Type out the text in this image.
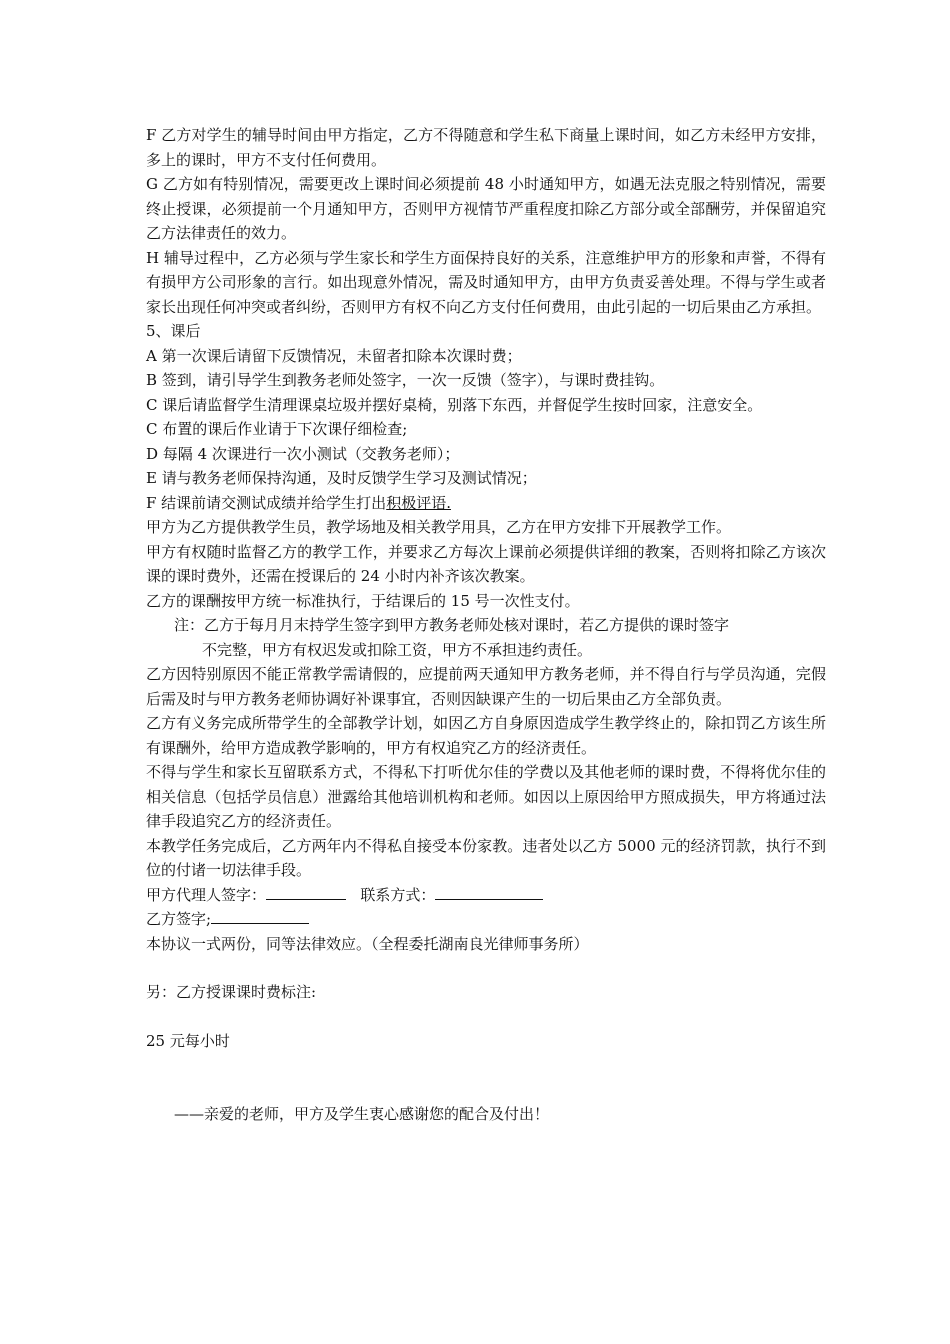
F 乙方对学生的辅导时间由甲方指定，乙方不得随意和学生私下商量上课时间，如乙方未经甲方安排，多上的课时，甲方不支付任何费用。

G 乙方如有特别情况，需要更改上课时间必须提前 48 小时通知甲方，如遇无法克服之特别情况，需要终止授课，必须提前一个月通知甲方，否则甲方视情节严重程度扣除乙方部分或全部酬劳，并保留追究乙方法律责任的效力。

H 辅导过程中，乙方必须与学生家长和学生方面保持良好的关系，注意维护甲方的形象和声誉，不得有有损甲方公司形象的言行。如出现意外情况，需及时通知甲方，由甲方负责妥善处理。不得与学生或者家长出现任何冲突或者纠纷，否则甲方有权不向乙方支付任何费用，由此引起的一切后果由乙方承担。

5、课后

A 第一次课后请留下反馈情况，未留者扣除本次课时费；

B 签到，请引导学生到教务老师处签字，一次一反馈（签字），与课时费挂钩。

C 课后请监督学生清理课桌垃圾并摆好桌椅，别落下东西，并督促学生按时回家，注意安全。

C 布置的课后作业请于下次课仔细检查;

D 每隔 4 次课进行一次小测试（交教务老师）；

E 请与教务老师保持沟通，及时反馈学生学习及测试情况；

F 结课前请交测试成绩并给学生打出积极评语.

甲方为乙方提供教学生员，教学场地及相关教学用具，乙方在甲方安排下开展教学工作。

甲方有权随时监督乙方的教学工作，并要求乙方每次上课前必须提供详细的教案，否则将扣除乙方该次课的课时费外，还需在授课后的 24 小时内补齐该次教案。

乙方的课酬按甲方统一标准执行，于结课后的 15 号一次性支付。

注：乙方于每月月末持学生签字到甲方教务老师处核对课时，若乙方提供的课时签字

不完整，甲方有权迟发或扣除工资，甲方不承担违约责任。

乙方因特别原因不能正常教学需请假的，应提前两天通知甲方教务老师，并不得自行与学员沟通，完假后需及时与甲方教务老师协调好补课事宜，否则因缺课产生的一切后果由乙方全部负责。

乙方有义务完成所带学生的全部教学计划，如因乙方自身原因造成学生教学终止的，除扣罚乙方该生所有课酬外，给甲方造成教学影响的，甲方有权追究乙方的经济责任。

不得与学生和家长互留联系方式，不得私下打听优尔佳的学费以及其他老师的课时费，不得将优尔佳的相关信息（包括学员信息）泄露给其他培训机构和老师。如因以上原因给甲方照成损失，甲方将通过法律手段追究乙方的经济责任。

本教学任务完成后，乙方两年内不得私自接受本份家教。违者处以乙方 5000 元的经济罚款，执行不到位的付诸一切法律手段。

甲方代理人签字：	联系方式：

乙方签字;

本协议一式两份，同等法律效应。（全程委托湖南良光律师事务所）

另：乙方授课课时费标注:

25 元每小时

——亲爱的老师，甲方及学生衷心感谢您的配合及付出！
